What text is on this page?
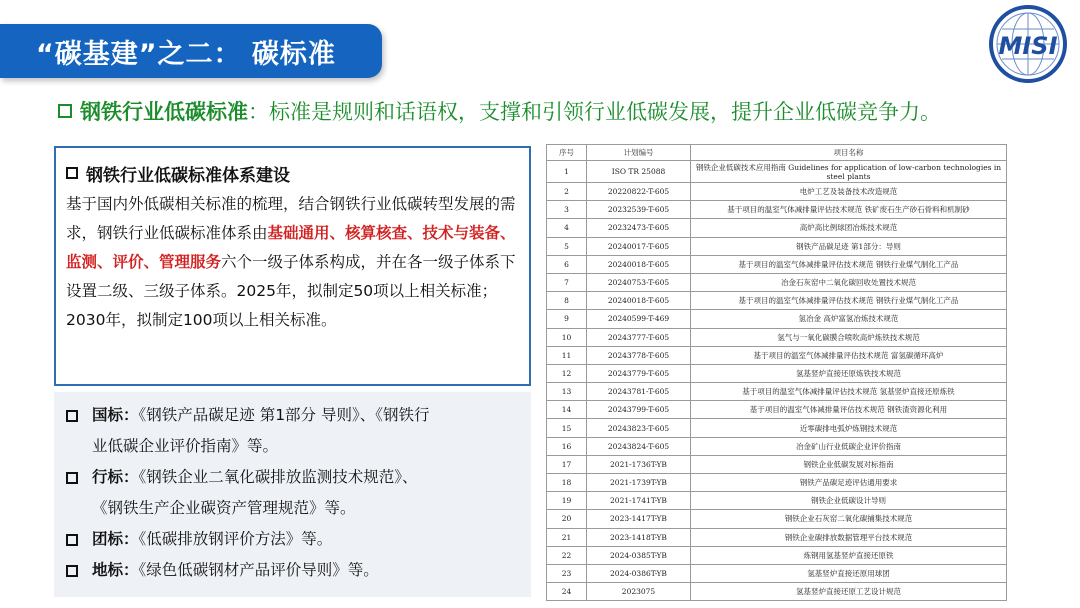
“碳基建”之二： 碳标准	MISI
钢铁行业低碳标准 ：标准是规则和话语权，支撑和引领行业低碳发展，提升企业低碳竞争力。
钢铁行业低碳标准体系建设
基于国内外低碳相关标准的梳理，结合钢铁行业低碳转型发展的需求，钢铁行业低碳标准体系由基础通用、核算核查、技术与装备、监测、评价、管理服务六个一级子体系构成，并在各一级子体系下设置二级、三级子体系。2025年，拟制定50项以上相关标准；2030年，拟制定100项以上相关标准。
国标：《钢铁产品碳足迹 第1部分 导则》、《钢铁行
业低碳企业评价指南》等。
行标：《钢铁企业二氧化碳排放监测技术规范》、
《钢铁生产企业碳资产管理规范》等。
团标：《低碳排放钢评价方法》等。
地标：《绿色低碳钢材产品评价导则》等。
序号	计划编号	项目名称
1	ISO TR 25088	钢铁企业低碳技术应用指南 Guidelines for application of low-carbon technologies in steel plants
2	20220822-T-605	电炉工艺及装备技术改造规范
3	20232539-T-605	基于项目的温室气体减排量评估技术规范 铁矿废石生产砂石骨料和机制砂
4	20232473-T-605	高炉高比例球团冶炼技术规范
5	20240017-T-605	钢铁产品碳足迹 第1部分：导则
6	20240018-T-605	基于项目的温室气体减排量评估技术规范 钢铁行业煤气制化工产品
7	20240753-T-605	冶金石灰窑中二氧化碳回收处置技术规范
8	20240018-T-605	基于项目的温室气体减排量评估技术规范 钢铁行业煤气制化工产品
9	20240599-T-469	氢冶金 高炉富氢冶炼技术规范
10	20243777-T-605	氢气与一氧化碳膜合喷吹高炉炼铁技术规范
11	20243778-T-605	基于项目的温室气体减排量评估技术规范 富氢碳循环高炉
12	20243779-T-605	氢基竖炉直接还原炼铁技术规范
13	20243781-T-605	基于项目的温室气体减排量评估技术规范 氢基竖炉直接还原炼铁
14	20243799-T-605	基于项目的温室气体减排量评估技术规范 钢铁渣资源化利用
15	20243823-T-605	近零碳排电弧炉炼钢技术规范
16	20243824-T-605	冶金矿山行业低碳企业评价指南
17	2021-1736T-YB	钢铁企业低碳发展对标指南
18	2021-1739T-YB	钢铁产品碳足迹评估通用要求
19	2021-1741T-YB	钢铁企业低碳设计导则
20	2023-1417T-YB	钢铁企业石灰窑二氧化碳捕集技术规范
21	2023-1418T-YB	钢铁企业碳排放数据管理平台技术规范
22	2024-0385T-YB	炼钢用氢基竖炉直接还原铁
23	2024-0386T-YB	氢基竖炉直接还原用球团
24	2023075	氢基竖炉直接还原工艺设计规范
